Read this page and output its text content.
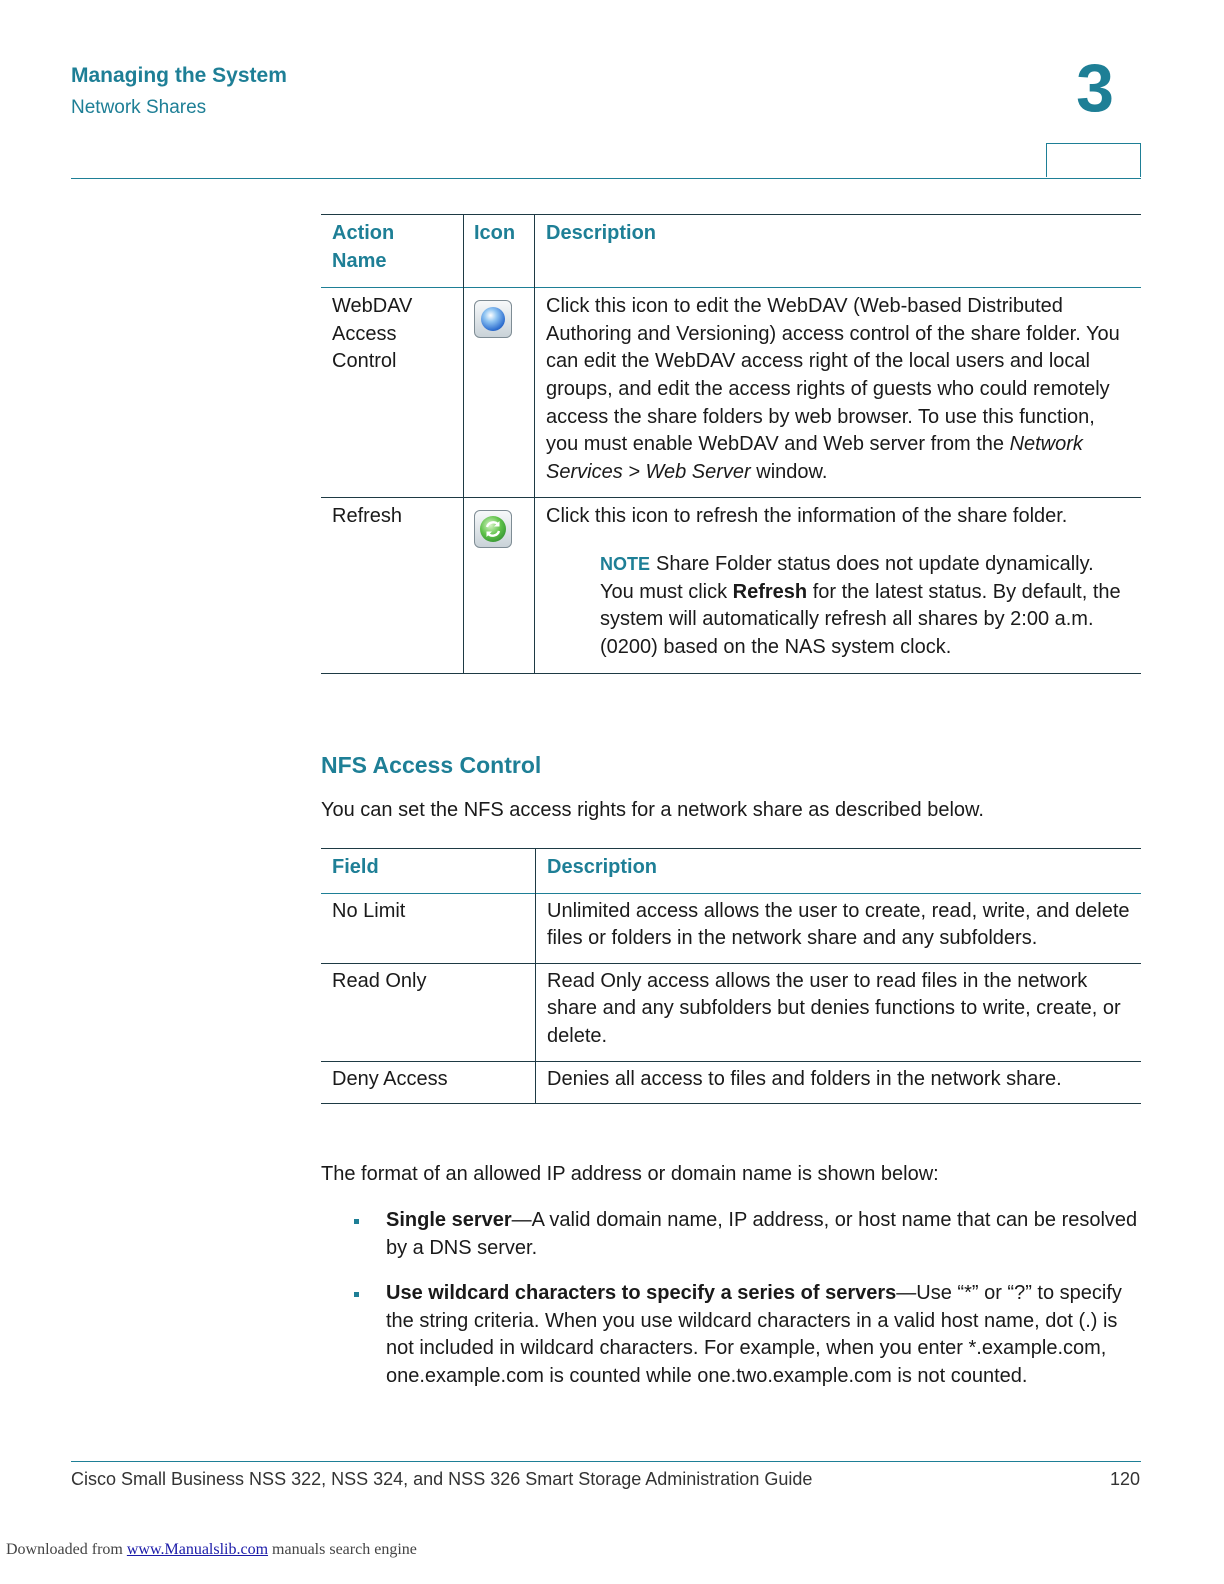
Managing the System
Network Shares	3
Action Name	Icon	Description
WebDAV Access Control		Click this icon to edit the WebDAV (Web-based Distributed Authoring and Versioning) access control of the share folder. You can edit the WebDAV access right of the local users and local groups, and edit the access rights of guests who could remotely access the share folders by web browser. To use this function, you must enable WebDAV and Web server from the Network Services > Web Server window.
Refresh		Click this icon to refresh the information of the share folder.
NOTE Share Folder status does not update dynamically. You must click Refresh for the latest status. By default, the system will automatically refresh all shares by 2:00 a.m. (0200) based on the NAS system clock.
NFS Access Control
You can set the NFS access rights for a network share as described below.
Field	Description
No Limit	Unlimited access allows the user to create, read, write, and delete files or folders in the network share and any subfolders.
Read Only	Read Only access allows the user to read files in the network share and any subfolders but denies functions to write, create, or delete.
Deny Access	Denies all access to files and folders in the network share.
The format of an allowed IP address or domain name is shown below:
Single server—A valid domain name, IP address, or host name that can be resolved by a DNS server.
Use wildcard characters to specify a series of servers—Use “*” or “?” to specify the string criteria. When you use wildcard characters in a valid host name, dot (.) is not included in wildcard characters. For example, when you enter *.example.com, one.example.com is counted while one.two.example.com is not counted.
Cisco Small Business NSS 322, NSS 324, and NSS 326 Smart Storage Administration Guide	120
Downloaded from www.Manualslib.com manuals search engine
